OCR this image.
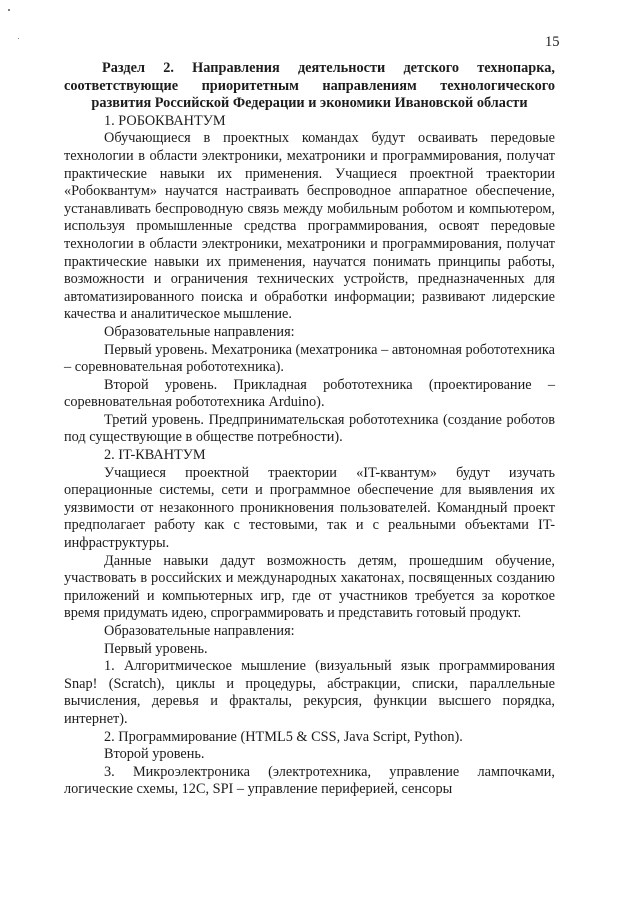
15

Раздел 2. Направления деятельности детского технопарка, соответствующие приоритетным направлениям технологического развития Российской Федерации и экономики Ивановской области

1. РОБОКВАНТУМ

Обучающиеся в проектных командах будут осваивать передовые технологии в области электроники, мехатроники и программирования, получат практические навыки их применения. Учащиеся проектной траектории «Робоквантум» научатся настраивать беспроводное аппаратное обеспечение, устанавливать беспроводную связь между мобильным роботом и компьютером, используя промышленные средства программирования, освоят передовые технологии в области электроники, мехатроники и программирования, получат практические навыки их применения, научатся понимать принципы работы, возможности и ограничения технических устройств, предназначенных для автоматизированного поиска и обработки информации; развивают лидерские качества и аналитическое мышление.

Образовательные направления:

Первый уровень. Мехатроника (мехатроника – автономная робототехника – соревновательная робототехника).

Второй уровень. Прикладная робототехника (проектирование – соревновательная робототехника Arduino).

Третий уровень. Предпринимательская робототехника (создание роботов под существующие в обществе потребности).

2. IT-КВАНТУМ

Учащиеся проектной траектории «IT-квантум» будут изучать операционные системы, сети и программное обеспечение для выявления их уязвимости от незаконного проникновения пользователей. Командный проект предполагает работу как с тестовыми, так и с реальными объектами IT-инфраструктуры.

Данные навыки дадут возможность детям, прошедшим обучение, участвовать в российских и международных хакатонах, посвященных созданию приложений и компьютерных игр, где от участников требуется за короткое время придумать идею, спрограммировать и представить готовый продукт.

Образовательные направления:

Первый уровень.

1. Алгоритмическое мышление (визуальный язык программирования Snap! (Scratch), циклы и процедуры, абстракции, списки, параллельные вычисления, деревья и фракталы, рекурсия, функции высшего порядка, интернет).

2. Программирование (HTML5 & CSS, Java Script, Python).

Второй уровень.

3. Микроэлектроника (электротехника, управление лампочками, логические схемы, 12C, SPI – управление периферией, сенсоры
